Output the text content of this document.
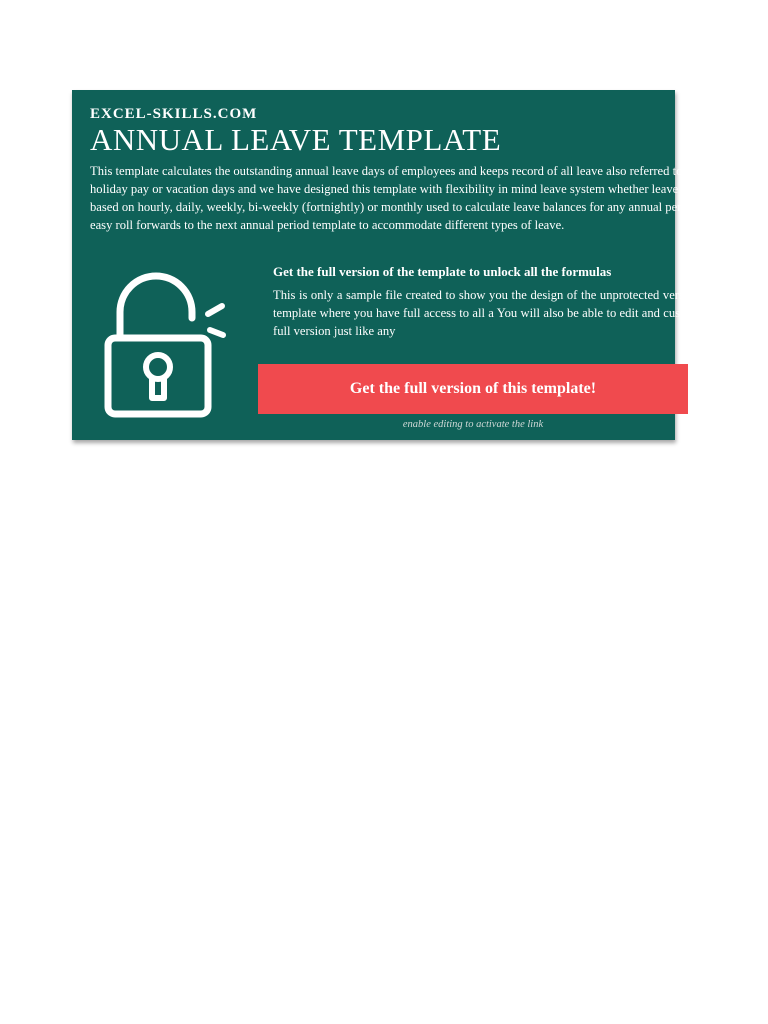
EXCEL-SKILLS.COM
ANNUAL LEAVE TEMPLATE

This template calculates the outstanding annual leave days of employees and keeps record of all leave also referred to as holiday pay or vacation days and we have designed this template with flexibility in mind leave system whether leave accrues based on hourly, daily, weekly, bi-weekly (fortnightly) or monthly used to calculate leave balances for any annual period with easy roll forwards to the next annual period template to accommodate different types of leave.

Get the full version of the template to unlock all the formulas

This is only a sample file created to show you the design of the unprotected version of the template where you have full access to all a You will also be able to edit and customize the full version just like any

Get the full version of this template!
enable editing to activate the link
